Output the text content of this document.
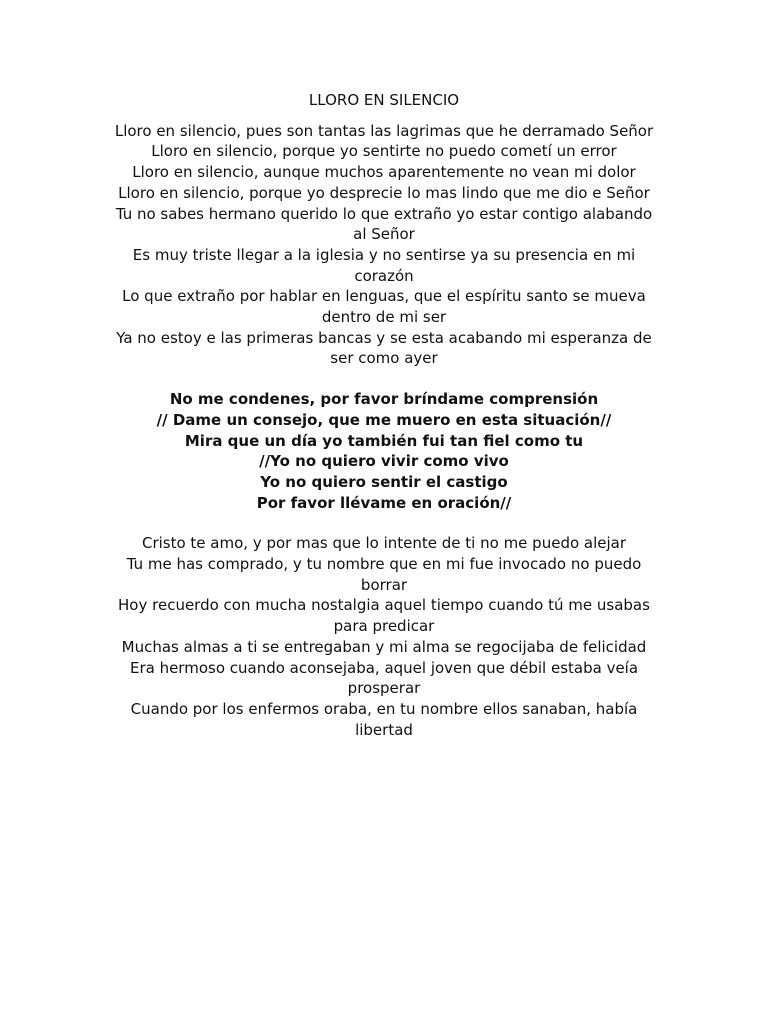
LLORO EN SILENCIO
Lloro en silencio, pues son tantas las lagrimas que he derramado Señor
Lloro en silencio, porque yo sentirte no puedo cometí un error
Lloro en silencio, aunque muchos aparentemente no vean mi dolor
Lloro en silencio, porque yo desprecie lo mas lindo que me dio e Señor
Tu no sabes hermano querido lo que extraño yo estar contigo alabando al Señor
Es muy triste llegar a la iglesia y no sentirse ya su presencia en mi corazón
Lo que extraño por hablar en lenguas, que el espíritu santo se mueva dentro de mi ser
Ya no estoy e las primeras bancas y se esta acabando mi esperanza de ser como ayer
No me condenes, por favor bríndame comprensión
// Dame un consejo, que me muero en esta situación//
Mira que un día yo también fui tan fiel como tu
//Yo no quiero vivir como vivo
Yo no quiero sentir el castigo
Por favor llévame en oración//
Cristo te amo, y por mas que lo intente de ti no me puedo alejar
Tu me has comprado, y tu nombre que en mi fue invocado no puedo borrar
Hoy recuerdo con mucha nostalgia aquel tiempo cuando tú me usabas para predicar
Muchas almas a ti se entregaban y mi alma se regocijaba de felicidad
Era hermoso cuando aconsejaba, aquel joven que débil estaba veía prosperar
Cuando por los enfermos oraba, en tu nombre ellos sanaban, había libertad
